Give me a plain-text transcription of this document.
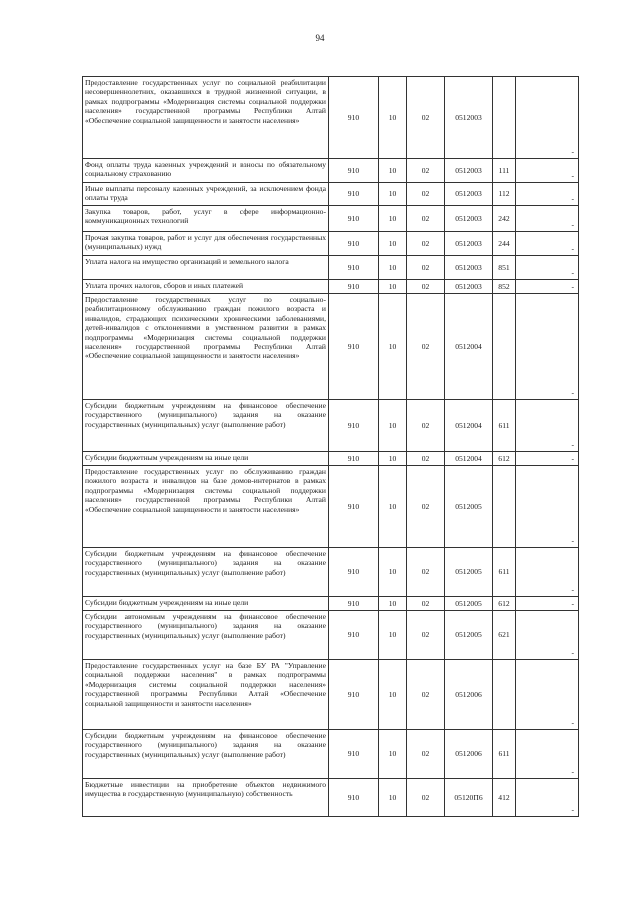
94
Предоставление государственных услуг по социальной реабилитации несовершеннолетних, оказавшихся в трудной жизненной ситуации, в рамках подпрограммы «Модернизация системы социальной поддержки населения» государственной программы Республики Алтай «Обеспечение социальной защищенности и занятости населения»	910	10	02	0512003		-
Фонд оплаты труда казенных учреждений и взносы по обязательному социальному страхованию	910	10	02	0512003	111	-
Иные выплаты персоналу казенных учреждений, за исключением фонда оплаты труда	910	10	02	0512003	112	-
Закупка товаров, работ, услуг в сфере информационно-коммуникационных технологий	910	10	02	0512003	242	-
Прочая закупка товаров, работ и услуг для обеспечения государственных (муниципальных) нужд	910	10	02	0512003	244	-
Уплата налога на имущество организаций и земельного налога	910	10	02	0512003	851	-
Уплата прочих налогов, сборов и иных платежей	910	10	02	0512003	852	-
Предоставление государственных услуг по социально-реабилитационному обслуживанию граждан пожилого возраста и инвалидов, страдающих психическими хроническими заболеваниями, детей-инвалидов с отклонениями в умственном развитии в рамках подпрограммы «Модернизация системы социальной поддержки населения» государственной программы Республики Алтай «Обеспечение социальной защищенности и занятости населения»	910	10	02	0512004		-
Субсидии бюджетным учреждениям на финансовое обеспечение государственного (муниципального) задания на оказание государственных (муниципальных) услуг (выполнение работ)	910	10	02	0512004	611	-
Субсидии бюджетным учреждениям на иные цели	910	10	02	0512004	612	-
Предоставление государственных услуг по обслуживанию граждан пожилого возраста и инвалидов на базе домов-интернатов в рамках подпрограммы «Модернизация системы социальной поддержки населения» государственной программы Республики Алтай «Обеспечение социальной защищенности и занятости населения»	910	10	02	0512005		-
Субсидии бюджетным учреждениям на финансовое обеспечение государственного (муниципального) задания на оказание государственных (муниципальных) услуг (выполнение работ)	910	10	02	0512005	611	-
Субсидии бюджетным учреждениям на иные цели	910	10	02	0512005	612	-
Субсидии автономным учреждениям на финансовое обеспечение государственного (муниципального) задания на оказание государственных (муниципальных) услуг (выполнение работ)	910	10	02	0512005	621	-
Предоставление государственных услуг на базе БУ РА "Управление социальной поддержки населения" в рамках подпрограммы «Модернизация системы социальной поддержки населения» государственной программы Республики Алтай «Обеспечение социальной защищенности и занятости населения»	910	10	02	0512006		-
Субсидии бюджетным учреждениям на финансовое обеспечение государственного (муниципального) задания на оказание государственных (муниципальных) услуг (выполнение работ)	910	10	02	0512006	611	-
Бюджетные инвестиции на приобретение объектов недвижимого имущества в государственную (муниципальную) собственность	910	10	02	05120П6	412	-
